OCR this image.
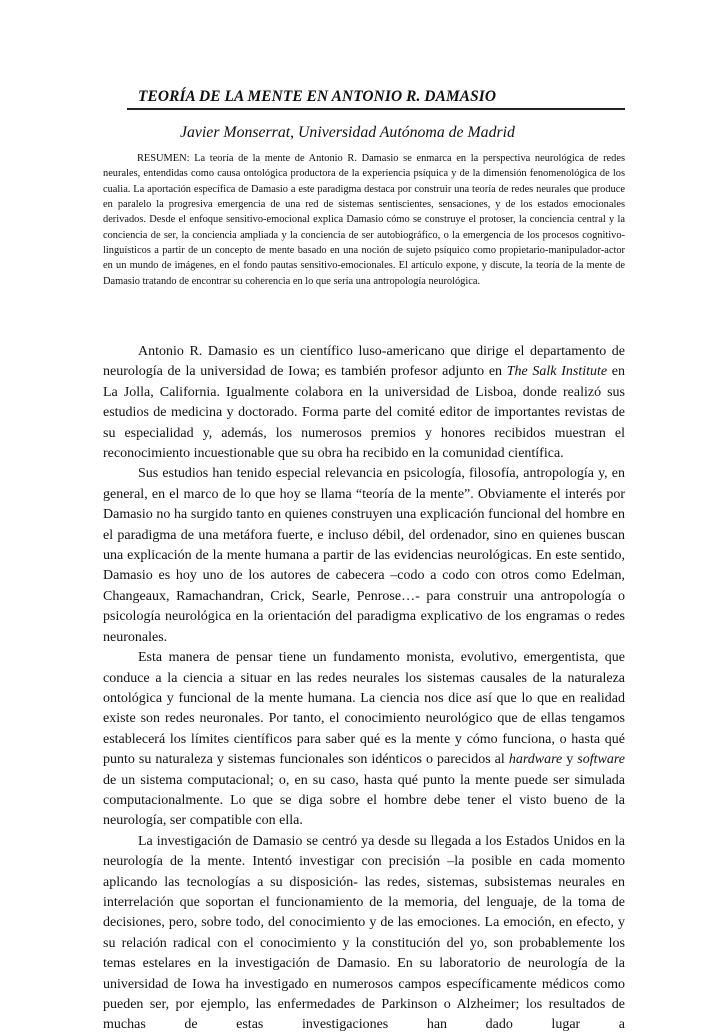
TEORÍA DE LA MENTE EN ANTONIO R. DAMASIO
Javier Monserrat, Universidad Autónoma de Madrid

RESUMEN: La teoría de la mente de Antonio R. Damasio se enmarca en la perspectiva neurológica de redes neurales, entendidas como causa ontológica productora de la experiencia psíquica y de la dimensión fenomenológica de los cualia. La aportación específica de Damasio a este paradigma destaca por construir una teoría de redes neurales que produce en paralelo la progresiva emergencia de una red de sistemas sentiscientes, sensaciones, y de los estados emocionales derivados. Desde el enfoque sensitivo-emocional explica Damasio cómo se construye el protoser, la conciencia central y la conciencia de ser, la conciencia ampliada y la conciencia de ser autobiográfico, o la emergencia de los procesos cognitivo-linguísticos a partir de un concepto de mente basado en una noción de sujeto psíquico como propietario-manipulador-actor en un mundo de imágenes, en el fondo pautas sensitivo-emocionales. El artículo expone, y discute, la teoría de la mente de Damasio tratando de encontrar su coherencia en lo que sería una antropología neurológica.

Antonio R. Damasio es un científico luso-americano que dirige el departamento de neurología de la universidad de Iowa; es también profesor adjunto en The Salk Institute en La Jolla, California. Igualmente colabora en la universidad de Lisboa, donde realizó sus estudios de medicina y doctorado. Forma parte del comité editor de importantes revistas de su especialidad y, además, los numerosos premios y honores recibidos muestran el reconocimiento incuestionable que su obra ha recibido en la comunidad científica.

Sus estudios han tenido especial relevancia en psicología, filosofía, antropología y, en general, en el marco de lo que hoy se llama “teoría de la mente”. Obviamente el interés por Damasio no ha surgido tanto en quienes construyen una explicación funcional del hombre en el paradigma de una metáfora fuerte, e incluso débil, del ordenador, sino en quienes buscan una explicación de la mente humana a partir de las evidencias neurológicas. En este sentido, Damasio es hoy uno de los autores de cabecera –codo a codo con otros como Edelman, Changeaux, Ramachandran, Crick, Searle, Penrose…- para construir una antropología o psicología neurológica en la orientación del paradigma explicativo de los engramas o redes neuronales.

Esta manera de pensar tiene un fundamento monista, evolutivo, emergentista, que conduce a la ciencia a situar en las redes neurales los sistemas causales de la naturaleza ontológica y funcional de la mente humana. La ciencia nos dice así que lo que en realidad existe son redes neuronales. Por tanto, el conocimiento neurológico que de ellas tengamos establecerá los límites científicos para saber qué es la mente y cómo funciona, o hasta qué punto su naturaleza y sistemas funcionales son idénticos o parecidos al hardware y software de un sistema computacional; o, en su caso, hasta qué punto la mente puede ser simulada computacionalmente. Lo que se diga sobre el hombre debe tener el visto bueno de la neurología, ser compatible con ella.

La investigación de Damasio se centró ya desde su llegada a los Estados Unidos en la neurología de la mente. Intentó investigar con precisión –la posible en cada momento aplicando las tecnologías a su disposición- las redes, sistemas, subsistemas neurales en interrelación que soportan el funcionamiento de la memoria, del lenguaje, de la toma de decisiones, pero, sobre todo, del conocimiento y de las emociones. La emoción, en efecto, y su relación radical con el conocimiento y la constitución del yo, son probablemente los temas estelares en la investigación de Damasio. En su laboratorio de neurología de la universidad de Iowa ha investigado en numerosos campos específicamente médicos como pueden ser, por ejemplo, las enfermedades de Parkinson o Alzheimer; los resultados de muchas de estas investigaciones han dado lugar a
